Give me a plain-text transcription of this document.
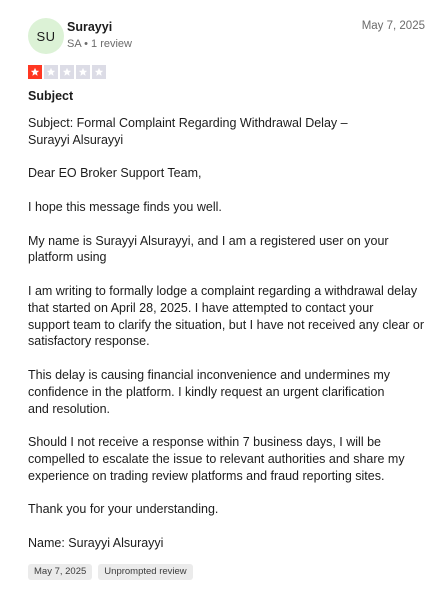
SU
Surayyi
SA • 1 review
May 7, 2025
Subject

Subject: Formal Complaint Regarding Withdrawal Delay –
Surayyi Alsurayyi

Dear EO Broker Support Team,

I hope this message finds you well.

My name is Surayyi Alsurayyi, and I am a registered user on your
platform using

I am writing to formally lodge a complaint regarding a withdrawal delay
that started on April 28, 2025. I have attempted to contact your
support team to clarify the situation, but I have not received any clear or
satisfactory response.

This delay is causing financial inconvenience and undermines my
confidence in the platform. I kindly request an urgent clarification
and resolution.

Should I not receive a response within 7 business days, I will be
compelled to escalate the issue to relevant authorities and share my
experience on trading review platforms and fraud reporting sites.

Thank you for your understanding.

Name: Surayyi Alsurayyi

May 7, 2025	Unprompted review
